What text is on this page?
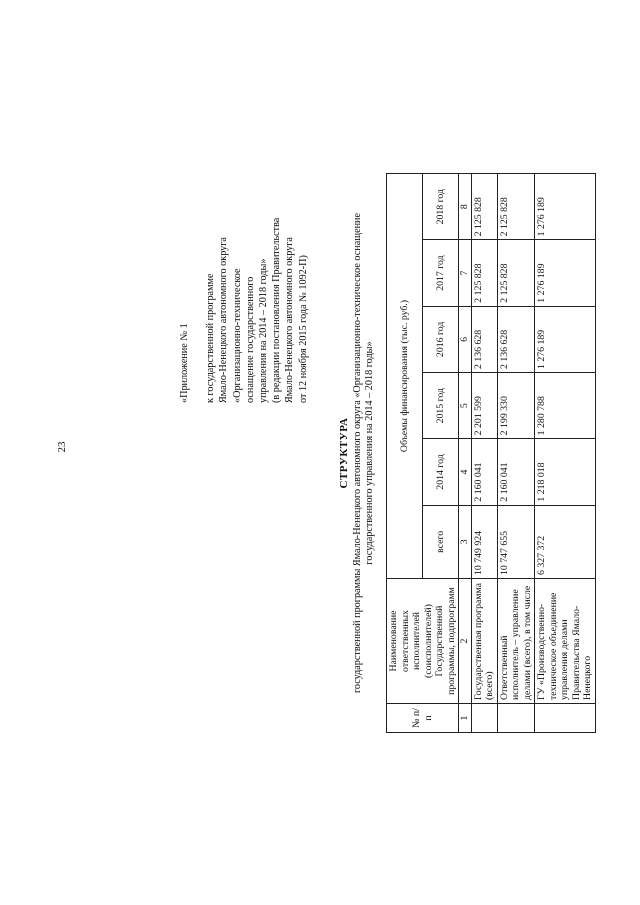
23
«Приложение № 1 к государственной программе Ямало-Ненецкого автономного округа «Организационно-техническое оснащение государственного управления на 2014 – 2018 годы» (в редакции постановления Правительства Ямало-Ненецкого автономного округа от 12 ноября 2015 года № 1092-П)
СТРУКТУРА государственной программы Ямало-Ненецкого автономного округа «Организационно-техническое оснащение государственного управления на 2014 – 2018 годы»
№ п/п	Наименование ответственных исполнителей (соисполнителей) Государственной программы, подпрограмм	Объемы финансирования (тыс. руб.)					
		всего	2014 год	2015 год	2016 год	2017 год	2018 год
1	2	3	4	5	6	7	8
	Государственная программа (всего)	10 749 924	2 160 041	2 201 599	2 136 628	2 125 828	2 125 828
	Ответственный исполнитель – управление делами (всего), в том числе	10 747 655	2 160 041	2 199 330	2 136 628	2 125 828	2 125 828
	ГУ «Производственно-техническое объединение управления делами Правительства Ямало-Ненецкого	6 327 372	1 218 018	1 280 788	1 276 189	1 276 189	1 276 189
